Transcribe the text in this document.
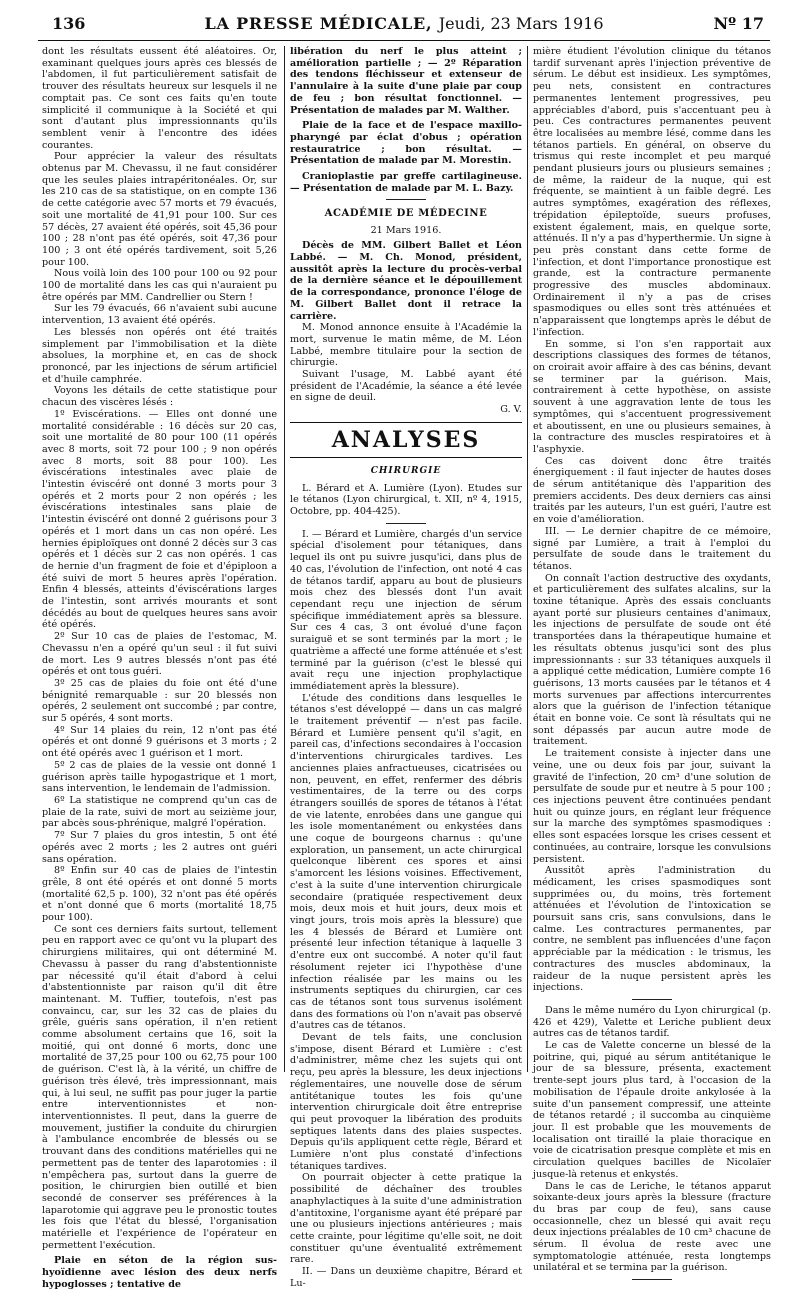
136	LA PRESSE MÉDICALE, Jeudi, 23 Mars 1916	Nº 17

dont les résultats eussent été aléatoires. Or, examinant quelques jours après ces blessés de l'abdomen, il fut particulièrement satisfait de trouver des résultats heureux sur lesquels il ne comptait pas. Ce sont ces faits qu'en toute simplicité il communique à la Société et qui sont d'autant plus impressionnants qu'ils semblent venir à l'encontre des idées courantes.

Pour apprécier la valeur des résultats obtenus par M. Chevassu, il ne faut considérer que les seules plaies intrapéritonéales. Or, sur les 210 cas de sa statistique, on en compte 136 de cette catégorie avec 57 morts et 79 évacués, soit une mortalité de 41,91 pour 100. Sur ces 57 décès, 27 avaient été opérés, soit 45,36 pour 100 ; 28 n'ont pas été opérés, soit 47,36 pour 100 ; 3 ont été opérés tardivement, soit 5,26 pour 100.

Nous voilà loin des 100 pour 100 ou 92 pour 100 de mortalité dans les cas qui n'auraient pu être opérés par MM. Candrellier ou Stern !

Sur les 79 évacués, 66 n'avaient subi aucune intervention, 13 avaient été opérés.

Les blessés non opérés ont été traités simplement par l'immobilisation et la diète absolues, la morphine et, en cas de shock prononcé, par les injections de sérum artificiel et d'huile camphrée.

Voyons les détails de cette statistique pour chacun des viscères lésés :

1º Eviscérations. — Elles ont donné une mortalité considérable : 16 décès sur 20 cas, soit une mortalité de 80 pour 100 (11 opérés avec 8 morts, soit 72 pour 100 ; 9 non opérés avec 8 morts, soit 88 pour 100). Les éviscérations intestinales avec plaie de l'intestin éviscéré ont donné 3 morts pour 3 opérés et 2 morts pour 2 non opérés ; les éviscérations intestinales sans plaie de l'intestin éviscéré ont donné 2 guérisons pour 3 opérés et 1 mort dans un cas non opéré. Les hernies épiploïques ont donné 2 décès sur 3 cas opérés et 1 décès sur 2 cas non opérés. 1 cas de hernie d'un fragment de foie et d'épiploon a été suivi de mort 5 heures après l'opération. Enfin 4 blessés, atteints d'éviscérations larges de l'intestin, sont arrivés mourants et sont décédés au bout de quelques heures sans avoir été opérés.

2º Sur 10 cas de plaies de l'estomac, M. Chevassu n'en a opéré qu'un seul : il fut suivi de mort. Les 9 autres blessés n'ont pas été opérés et ont tous guéri.

3º 25 cas de plaies du foie ont été d'une bénignité remarquable : sur 20 blessés non opérés, 2 seulement ont succombé ; par contre, sur 5 opérés, 4 sont morts.

4º Sur 14 plaies du rein, 12 n'ont pas été opérés et ont donné 9 guérisons et 3 morts ; 2 ont été opérés avec 1 guérison et 1 mort.

5º 2 cas de plaies de la vessie ont donné 1 guérison après taille hypogastrique et 1 mort, sans intervention, le lendemain de l'admission.

6º La statistique ne comprend qu'un cas de plaie de la rate, suivi de mort au seizième jour, par abcès sous-phrénique, malgré l'opération.

7º Sur 7 plaies du gros intestin, 5 ont été opérés avec 2 morts ; les 2 autres ont guéri sans opération.

8º Enfin sur 40 cas de plaies de l'intestin grêle, 8 ont été opérés et ont donné 5 morts (mortalité 62,5 p. 100), 32 n'ont pas été opérés et n'ont donné que 6 morts (mortalité 18,75 pour 100).

Ce sont ces derniers faits surtout, tellement peu en rapport avec ce qu'ont vu la plupart des chirurgiens militaires, qui ont déterminé M. Chevassu à passer du rang d'abstentionniste par nécessité qu'il était d'abord à celui d'abstentionniste par raison qu'il dit être maintenant. M. Tuffier, toutefois, n'est pas convaincu, car, sur les 32 cas de plaies du grêle, guéris sans opération, il n'en retient comme absolument certains que 16, soit la moitié, qui ont donné 6 morts, donc une mortalité de 37,25 pour 100 ou 62,75 pour 100 de guérison. C'est là, à la vérité, un chiffre de guérison très élevé, très impressionnant, mais qui, à lui seul, ne suffit pas pour juger la partie entre interventionnistes et non-interventionnistes. Il peut, dans la guerre de mouvement, justifier la conduite du chirurgien à l'ambulance encombrée de blessés ou se trouvant dans des conditions matérielles qui ne permettent pas de tenter des laparotomies : il n'empêchera pas, surtout dans la guerre de position, le chirurgien bien outillé et bien secondé de conserver ses préférences à la laparotomie qui aggrave peu le pronostic toutes les fois que l'état du blessé, l'organisation matérielle et l'expérience de l'opérateur en permettent l'exécution.

Plaie en séton de la région sus-hyoïdienne avec lésion des deux nerfs hypoglosses ; tentative de

libération du nerf le plus atteint ; amélioration partielle ; — 2º Réparation des tendons fléchisseur et extenseur de l'annulaire à la suite d'une plaie par coup de feu ; bon résultat fonctionnel. — Présentation de malades par M. Walther.

Plaie de la face et de l'espace maxillo-pharyngé par éclat d'obus ; opération restauratrice ; bon résultat. — Présentation de malade par M. Morestin.

Cranioplastie par greffe cartilagineuse. — Présentation de malade par M. L. Bazy.

ACADÉMIE DE MÉDECINE

21 Mars 1916.

Décès de MM. Gilbert Ballet et Léon Labbé. — M. Ch. Monod, président, aussitôt après la lecture du procès-verbal de la dernière séance et le dépouillement de la correspondance, prononce l'éloge de M. Gilbert Ballet dont il retrace la carrière.

M. Monod annonce ensuite à l'Académie la mort, survenue le matin même, de M. Léon Labbé, membre titulaire pour la section de chirurgie.

Suivant l'usage, M. Labbé ayant été président de l'Académie, la séance a été levée en signe de deuil.

G. V.

ANALYSES
CHIRURGIE

L. Bérard et A. Lumière (Lyon). Etudes sur le tétanos (Lyon chirurgical, t. XII, nº 4, 1915, Octobre, pp. 404-425).

I. — Bérard et Lumière, chargés d'un service spécial d'isolement pour tétaniques, dans lequel ils ont pu suivre jusqu'ici, dans plus de 40 cas, l'évolution de l'infection, ont noté 4 cas de tétanos tardif, apparu au bout de plusieurs mois chez des blessés dont l'un avait cependant reçu une injection de sérum spécifique immédiatement après sa blessure. Sur ces 4 cas, 3 ont évolué d'une façon suraiguë et se sont terminés par la mort ; le quatrième a affecté une forme atténuée et s'est terminé par la guérison (c'est le blessé qui avait reçu une injection prophylactique immédiatement après la blessure).

L'étude des conditions dans lesquelles le tétanos s'est développé — dans un cas malgré le traitement préventif — n'est pas facile. Bérard et Lumière pensent qu'il s'agit, en pareil cas, d'infections secondaires à l'occasion d'interventions chirurgicales tardives. Les anciennes plaies anfractueuses, cicatrisées ou non, peuvent, en effet, renfermer des débris vestimentaires, de la terre ou des corps étrangers souillés de spores de tétanos à l'état de vie latente, enrobées dans une gangue qui les isole momentanément ou enkystées dans une coque de bourgeons charnus : qu'une exploration, un pansement, un acte chirurgical quelconque libèrent ces spores et ainsi s'amorcent les lésions voisines. Effectivement, c'est à la suite d'une intervention chirurgicale secondaire (pratiquée respectivement deux mois, deux mois et huit jours, deux mois et vingt jours, trois mois après la blessure) que les 4 blessés de Bérard et Lumière ont présenté leur infection tétanique à laquelle 3 d'entre eux ont succombé. A noter qu'il faut résolument rejeter ici l'hypothèse d'une infection réalisée par les mains ou les instruments septiques du chirurgien, car ces cas de tétanos sont tous survenus isolément dans des formations où l'on n'avait pas observé d'autres cas de tétanos.

Devant de tels faits, une conclusion s'impose, disent Bérard et Lumière : c'est d'administrer, même chez les sujets qui ont reçu, peu après la blessure, les deux injections réglementaires, une nouvelle dose de sérum antitétanique toutes les fois qu'une intervention chirurgicale doit être entreprise qui peut provoquer la libération des produits septiques latents dans des plaies suspectes. Depuis qu'ils appliquent cette règle, Bérard et Lumière n'ont plus constaté d'infections tétaniques tardives.

On pourrait objecter à cette pratique la possibilité de déchaîner des troubles anaphylactiques à la suite d'une administration d'antitoxine, l'organisme ayant été préparé par une ou plusieurs injections antérieures ; mais cette crainte, pour légitime qu'elle soit, ne doit constituer qu'une éventualité extrêmement rare.

II. — Dans un deuxième chapitre, Bérard et Lu-

mière étudient l'évolution clinique du tétanos tardif survenant après l'injection préventive de sérum. Le début est insidieux. Les symptômes, peu nets, consistent en contractures permanentes lentement progressives, peu appréciables d'abord, puis s'accentuant peu à peu. Ces contractures permanentes peuvent être localisées au membre lésé, comme dans les tétanos partiels. En général, on observe du trismus qui reste incomplet et peu marqué pendant plusieurs jours ou plusieurs semaines ; de même, la raideur de la nuque, qui est fréquente, se maintient à un faible degré. Les autres symptômes, exagération des réflexes, trépidation épileptoïde, sueurs profuses, existent également, mais, en quelque sorte, atténués. Il n'y a pas d'hyperthermie. Un signe à peu près constant dans cette forme de l'infection, et dont l'importance pronostique est grande, est la contracture permanente progressive des muscles abdominaux. Ordinairement il n'y a pas de crises spasmodiques ou elles sont très atténuées et n'apparaissent que longtemps après le début de l'infection.

En somme, si l'on s'en rapportait aux descriptions classiques des formes de tétanos, on croirait avoir affaire à des cas bénins, devant se terminer par la guérison. Mais, contrairement à cette hypothèse, on assiste souvent à une aggravation lente de tous les symptômes, qui s'accentuent progressivement et aboutissent, en une ou plusieurs semaines, à la contracture des muscles respiratoires et à l'asphyxie.

Ces cas doivent donc être traités énergiquement : il faut injecter de hautes doses de sérum antitétanique dès l'apparition des premiers accidents. Des deux derniers cas ainsi traités par les auteurs, l'un est guéri, l'autre est en voie d'amélioration.

III. — Le dernier chapitre de ce mémoire, signé par Lumière, a trait à l'emploi du persulfate de soude dans le traitement du tétanos.

On connaît l'action destructive des oxydants, et particulièrement des sulfates alcalins, sur la toxine tétanique. Après des essais concluants ayant porté sur plusieurs centaines d'animaux, les injections de persulfate de soude ont été transportées dans la thérapeutique humaine et les résultats obtenus jusqu'ici sont des plus impressionnants : sur 33 tétaniques auxquels il a appliqué cette médication, Lumière compte 16 guérisons, 13 morts causées par le tétanos et 4 morts survenues par affections intercurrentes alors que la guérison de l'infection tétanique était en bonne voie. Ce sont là résultats qui ne sont dépassés par aucun autre mode de traitement.

Le traitement consiste à injecter dans une veine, une ou deux fois par jour, suivant la gravité de l'infection, 20 cm³ d'une solution de persulfate de soude pur et neutre à 5 pour 100 ; ces injections peuvent être continuées pendant huit ou quinze jours, en réglant leur fréquence sur la marche des symptômes spasmodiques : elles sont espacées lorsque les crises cessent et continuées, au contraire, lorsque les convulsions persistent.

Aussitôt après l'administration du médicament, les crises spasmodiques sont supprimées ou, du moins, très fortement atténuées et l'évolution de l'intoxication se poursuit sans cris, sans convulsions, dans le calme. Les contractures permanentes, par contre, ne semblent pas influencées d'une façon appréciable par la médication : le trismus, les contractures des muscles abdominaux, la raideur de la nuque persistent après les injections.

Dans le même numéro du Lyon chirurgical (p. 426 et 429), Valette et Leriche publient deux autres cas de tétanos tardif.

Le cas de Valette concerne un blessé de la poitrine, qui, piqué au sérum antitétanique le jour de sa blessure, présenta, exactement trente-sept jours plus tard, à l'occasion de la mobilisation de l'épaule droite ankylosée à la suite d'un pansement compressif, une atteinte de tétanos retardé ; il succomba au cinquième jour. Il est probable que les mouvements de localisation ont tiraillé la plaie thoracique en voie de cicatrisation presque complète et mis en circulation quelques bacilles de Nicolaïer jusque-là retenus et enkystés.

Dans le cas de Leriche, le tétanos apparut soixante-deux jours après la blessure (fracture du bras par coup de feu), sans cause occasionnelle, chez un blessé qui avait reçu deux injections préalables de 10 cm³ chacune de sérum. Il évolua de reste avec une symptomatologie atténuée, resta longtemps unilatéral et se termina par la guérison.
